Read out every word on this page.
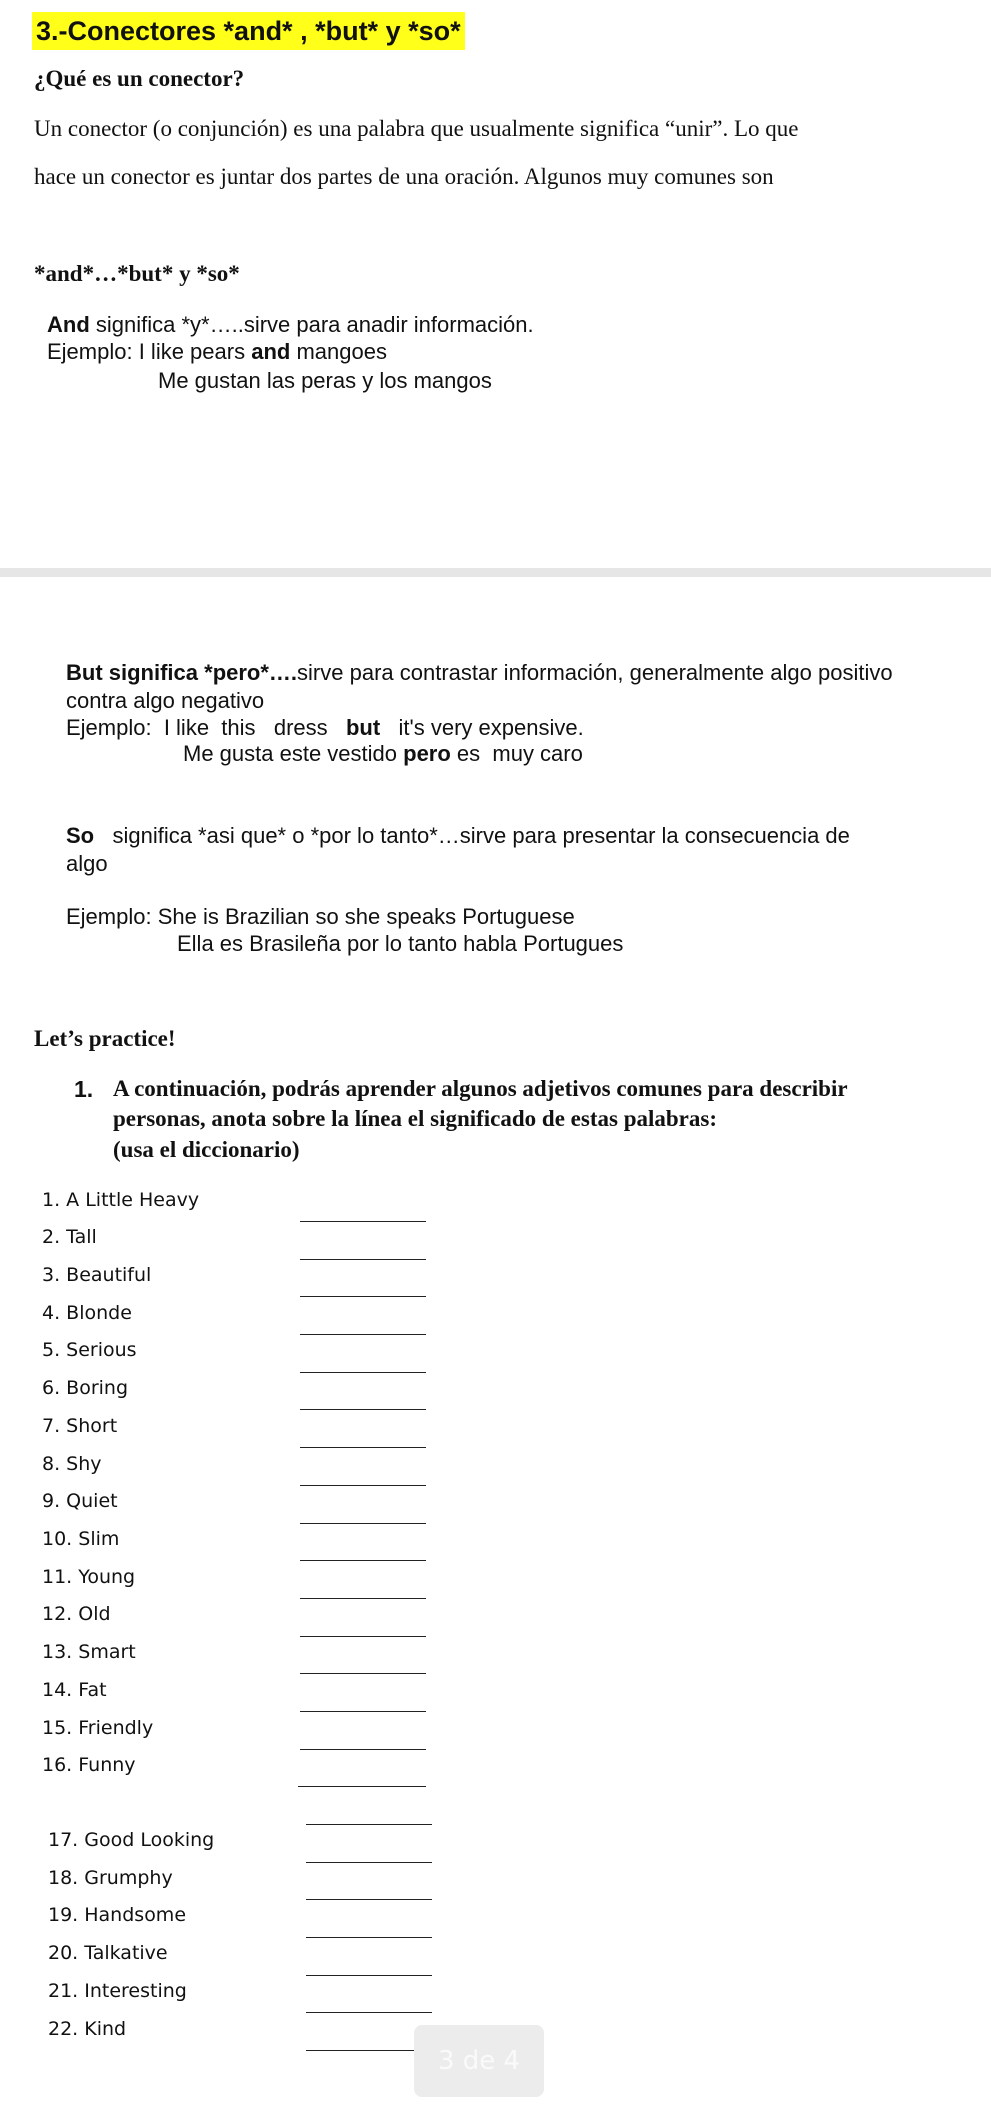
3.-Conectores *and* , *but* y *so*
¿Qué es un conector?
Un conector (o conjunción) es una palabra que usualmente significa “unir”. Lo que
hace un conector es juntar dos partes de una oración. Algunos muy comunes son
*and*…*but* y *so*
And significa *y*…..sirve para anadir información.
Ejemplo: I like pears and mangoes
Me gustan las peras y los mangos
But significa *pero*….sirve para contrastar información, generalmente algo positivo
contra algo negativo
Ejemplo:  I like  this   dress   but   it's very expensive.
Me gusta este vestido pero es  muy caro
So   significa *asi que* o *por lo tanto*…sirve para presentar la consecuencia de
algo
Ejemplo: She is Brazilian so she speaks Portuguese
Ella es Brasileña por lo tanto habla Portugues
Let’s practice!
1. A continuación, podrás aprender algunos adjetivos comunes para describir
personas, anota sobre la línea el significado de estas palabras:
(usa el diccionario)
1. A Little Heavy
2. Tall
3. Beautiful
4. Blonde
5. Serious
6. Boring
7. Short
8. Shy
9. Quiet
10. Slim
11. Young
12. Old
13. Smart
14. Fat
15. Friendly
16. Funny
17. Good Looking
18. Grumphy
19. Handsome
20. Talkative
21. Interesting
22. Kind
3 de 4
